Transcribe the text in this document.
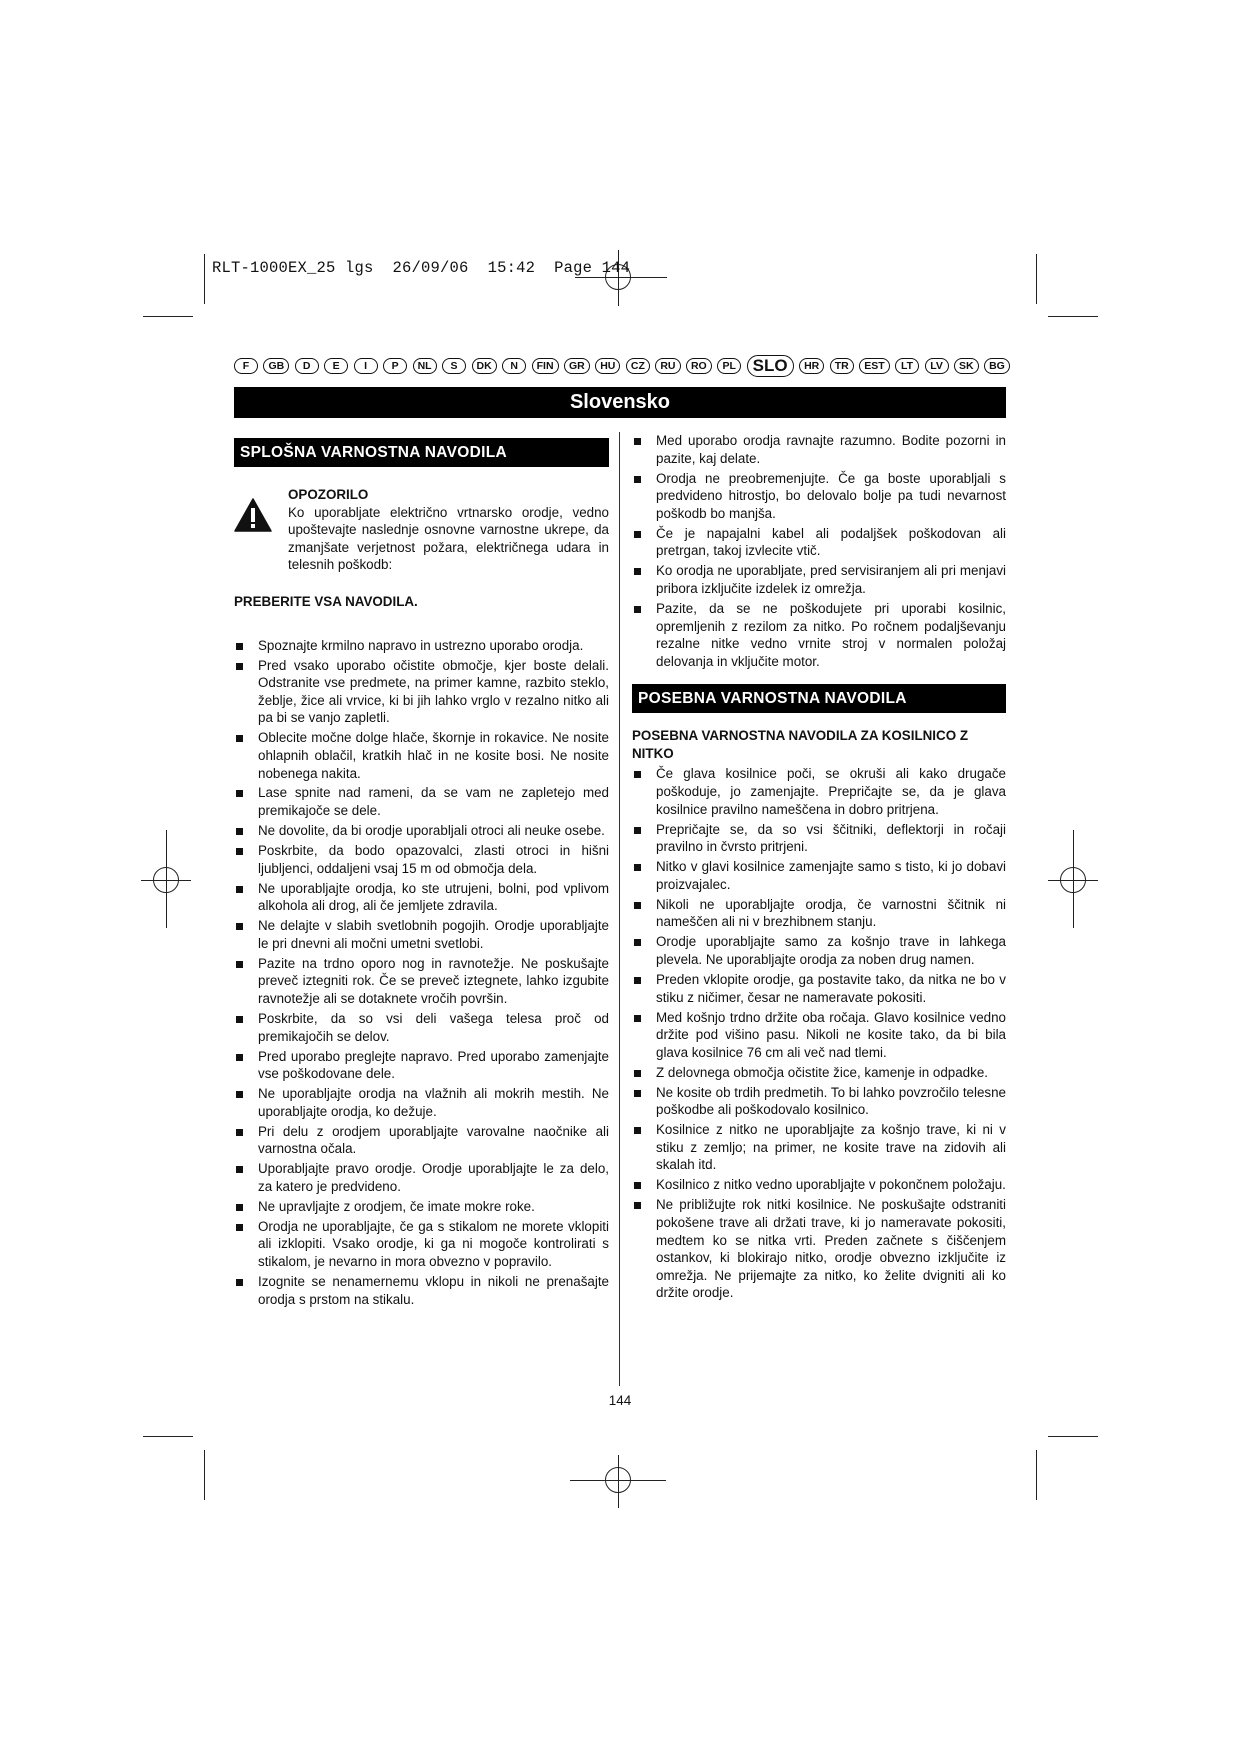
RLT-1000EX_25 lgs 26/09/06 15:42 Page 144
F	GB	D	E	I	P	NL	S	DK	N	FIN	GR	HU	CZ	RU	RO	PL SLO	HR	TR	EST	LT	LV	SK	BG
Slovensko
SPLOŠNA VARNOSTNA NAVODILA
OPOZORILO
Ko uporabljate električno vrtnarsko orodje, vedno upoštevajte naslednje osnovne varnostne ukrepe, da zmanjšate verjetnost požara, električnega udara in telesnih poškodb:
PREBERITE VSA NAVODILA.
Spoznajte krmilno napravo in ustrezno uporabo orodja.
Pred vsako uporabo očistite območje, kjer boste delali. Odstranite vse predmete, na primer kamne, razbito steklo, žeblje, žice ali vrvice, ki bi jih lahko vrglo v rezalno nitko ali pa bi se vanjo zapletli.
Oblecite močne dolge hlače, škornje in rokavice. Ne nosite ohlapnih oblačil, kratkih hlač in ne kosite bosi. Ne nosite nobenega nakita.
Lase spnite nad rameni, da se vam ne zapletejo med premikajoče se dele.
Ne dovolite, da bi orodje uporabljali otroci ali neuke osebe.
Poskrbite, da bodo opazovalci, zlasti otroci in hišni ljubljenci, oddaljeni vsaj 15 m od območja dela.
Ne uporabljajte orodja, ko ste utrujeni, bolni, pod vplivom alkohola ali drog, ali če jemljete zdravila.
Ne delajte v slabih svetlobnih pogojih. Orodje uporabljajte le pri dnevni ali močni umetni svetlobi.
Pazite na trdno oporo nog in ravnotežje. Ne poskušajte preveč iztegniti rok. Če se preveč iztegnete, lahko izgubite ravnotežje ali se dotaknete vročih površin.
Poskrbite, da so vsi deli vašega telesa proč od premikajočih se delov.
Pred uporabo preglejte napravo. Pred uporabo zamenjajte vse poškodovane dele.
Ne uporabljajte orodja na vlažnih ali mokrih mestih. Ne uporabljajte orodja, ko dežuje.
Pri delu z orodjem uporabljajte varovalne naočnike ali varnostna očala.
Uporabljajte pravo orodje. Orodje uporabljajte le za delo, za katero je predvideno.
Ne upravljajte z orodjem, če imate mokre roke.
Orodja ne uporabljajte, če ga s stikalom ne morete vklopiti ali izklopiti. Vsako orodje, ki ga ni mogoče kontrolirati s stikalom, je nevarno in mora obvezno v popravilo.
Izognite se nenamernemu vklopu in nikoli ne prenašajte orodja s prstom na stikalu.
Med uporabo orodja ravnajte razumno. Bodite pozorni in pazite, kaj delate.
Orodja ne preobremenjujte. Če ga boste uporabljali s predvideno hitrostjo, bo delovalo bolje pa tudi nevarnost poškodb bo manjša.
Če je napajalni kabel ali podaljšek poškodovan ali pretrgan, takoj izvlecite vtič.
Ko orodja ne uporabljate, pred servisiranjem ali pri menjavi pribora izključite izdelek iz omrežja.
Pazite, da se ne poškodujete pri uporabi kosilnic, opremljenih z rezilom za nitko. Po ročnem podaljševanju rezalne nitke vedno vrnite stroj v normalen položaj delovanja in vključite motor.
POSEBNA VARNOSTNA NAVODILA
POSEBNA VARNOSTNA NAVODILA ZA KOSILNICO Z NITKO
Če glava kosilnice poči, se okruši ali kako drugače poškoduje, jo zamenjajte. Prepričajte se, da je glava kosilnice pravilno nameščena in dobro pritrjena.
Prepričajte se, da so vsi ščitniki, deflektorji in ročaji pravilno in čvrsto pritrjeni.
Nitko v glavi kosilnice zamenjajte samo s tisto, ki jo dobavi proizvajalec.
Nikoli ne uporabljajte orodja, če varnostni ščitnik ni nameščen ali ni v brezhibnem stanju.
Orodje uporabljajte samo za košnjo trave in lahkega plevela. Ne uporabljajte orodja za noben drug namen.
Preden vklopite orodje, ga postavite tako, da nitka ne bo v stiku z ničimer, česar ne nameravate pokositi.
Med košnjo trdno držite oba ročaja. Glavo kosilnice vedno držite pod višino pasu. Nikoli ne kosite tako, da bi bila glava kosilnice 76 cm ali več nad tlemi.
Z delovnega območja očistite žice, kamenje in odpadke.
Ne kosite ob trdih predmetih. To bi lahko povzročilo telesne poškodbe ali poškodovalo kosilnico.
Kosilnice z nitko ne uporabljajte za košnjo trave, ki ni v stiku z zemljo; na primer, ne kosite trave na zidovih ali skalah itd.
Kosilnico z nitko vedno uporabljajte v pokončnem položaju.
Ne približujte rok nitki kosilnice. Ne poskušajte odstraniti pokošene trave ali držati trave, ki jo nameravate pokositi, medtem ko se nitka vrti. Preden začnete s čiščenjem ostankov, ki blokirajo nitko, orodje obvezno izključite iz omrežja. Ne prijemajte za nitko, ko želite dvigniti ali ko držite orodje.
144
